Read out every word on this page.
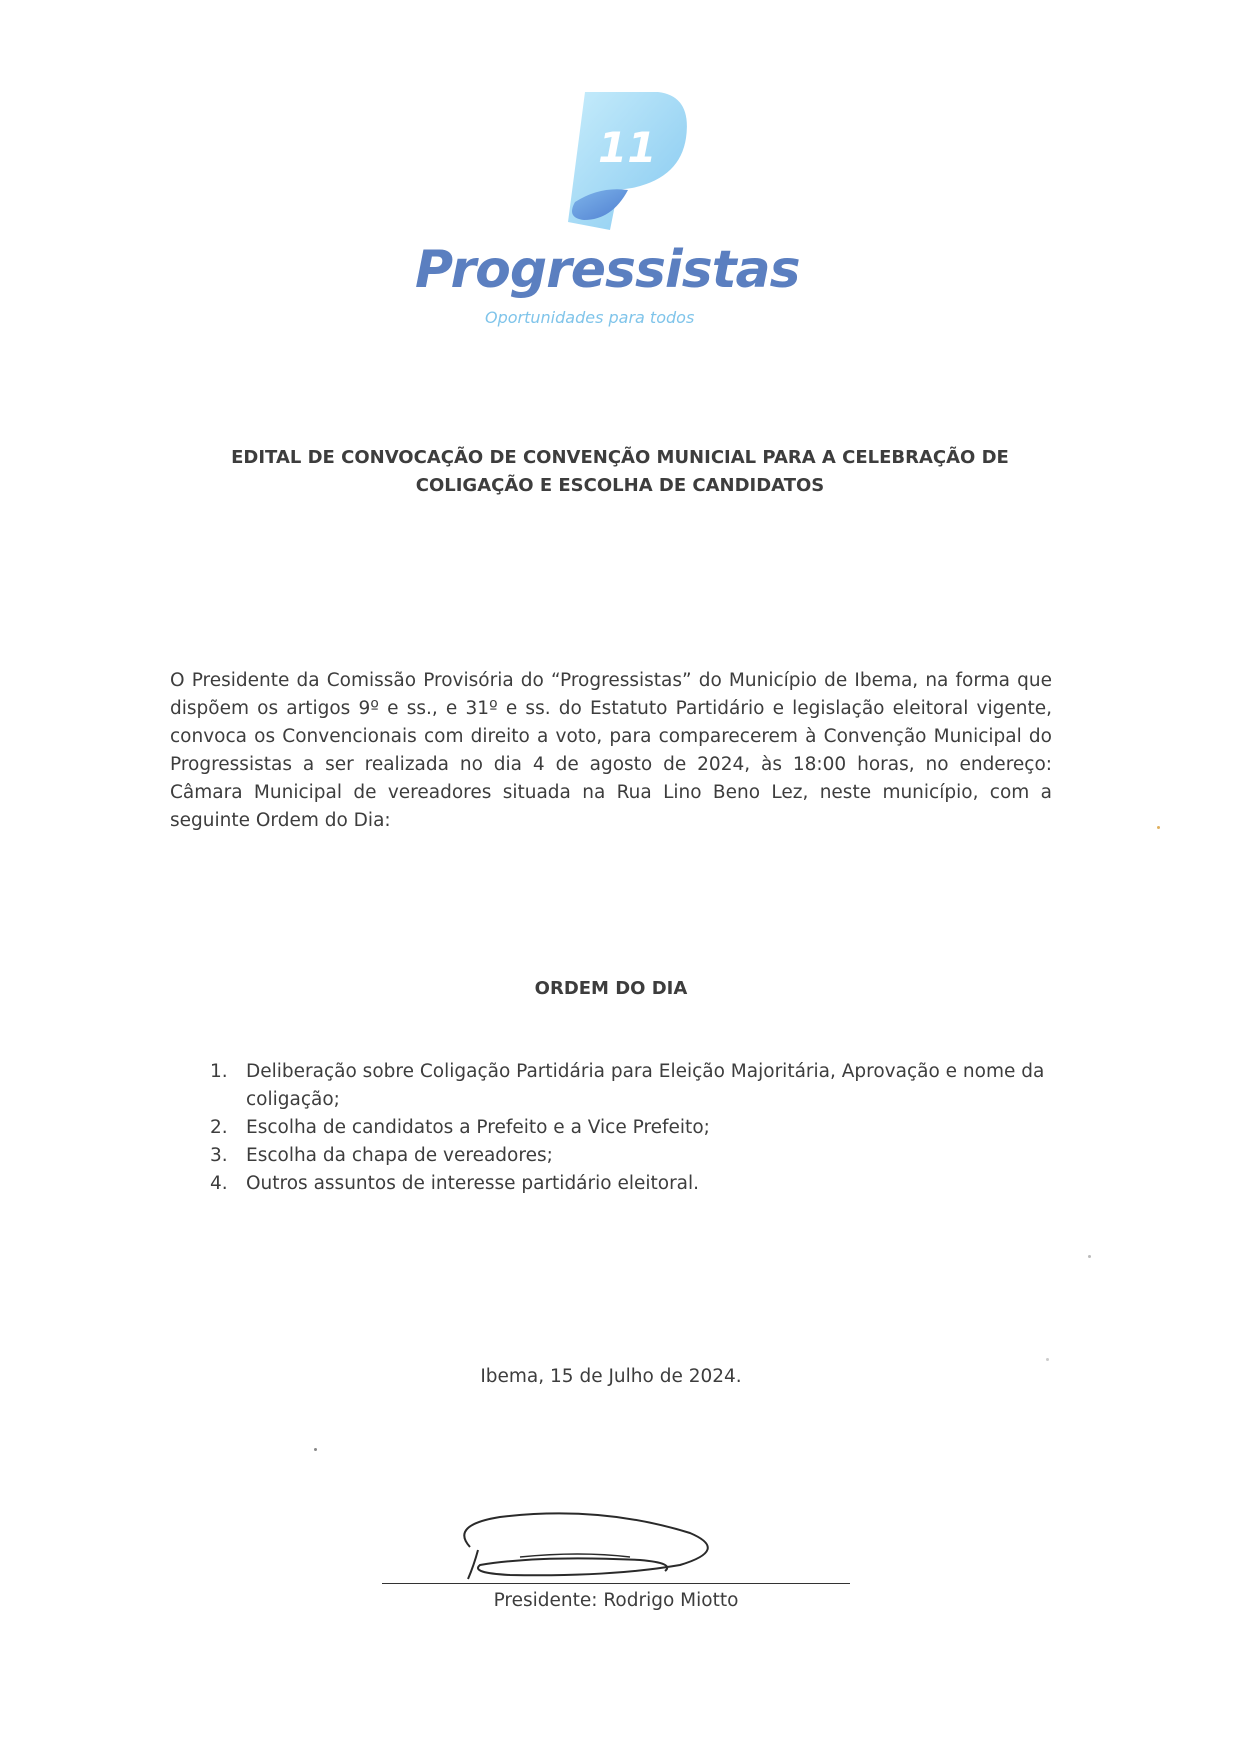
11
Progressistas
Oportunidades para todos
EDITAL DE CONVOCAÇÃO DE CONVENÇÃO MUNICIAL PARA A CELEBRAÇÃO DE
COLIGAÇÃO E ESCOLHA DE CANDIDATOS

O Presidente da Comissão Provisória do “Progressistas” do Município de Ibema, na forma que dispõem os artigos 9º e ss., e 31º e ss. do Estatuto Partidário e legislação eleitoral vigente, convoca os Convencionais com direito a voto, para comparecerem à Convenção Municipal do Progressistas a ser realizada no dia 4 de agosto de 2024, às 18:00 horas, no endereço: Câmara Municipal de vereadores situada na Rua Lino Beno Lez, neste município, com a seguinte Ordem do Dia:

ORDEM DO DIA
1. Deliberação sobre Coligação Partidária para Eleição Majoritária, Aprovação e nome da coligação;
2. Escolha de candidatos a Prefeito e a Vice Prefeito;
3. Escolha da chapa de vereadores;
4. Outros assuntos de interesse partidário eleitoral.
Ibema, 15 de Julho de 2024.
Presidente: Rodrigo Miotto
